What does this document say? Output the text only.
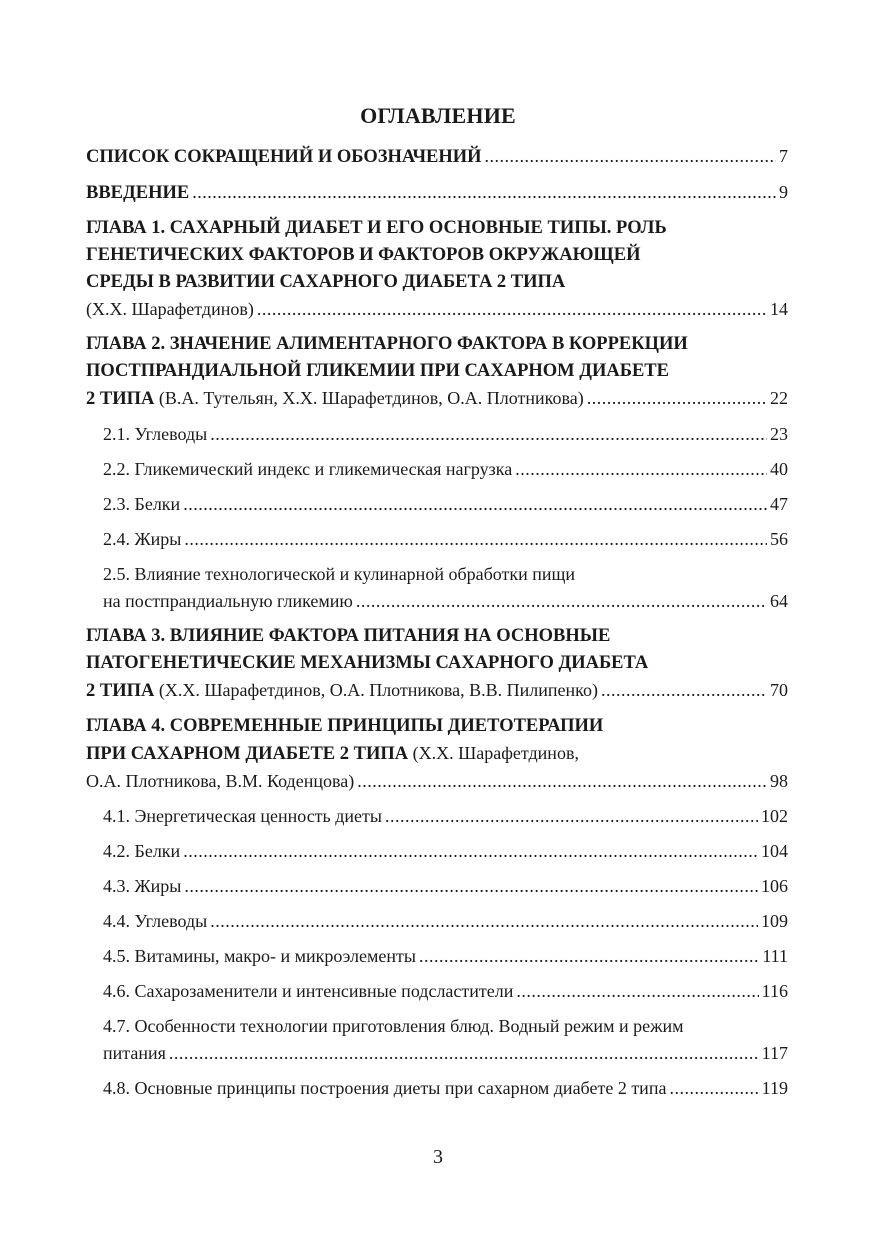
ОГЛАВЛЕНИЕ
СПИСОК СОКРАЩЕНИЙ И ОБОЗНАЧЕНИЙ .....	7
ВВЕДЕНИЕ .....	9
ГЛАВА 1. САХАРНЫЙ ДИАБЕТ И ЕГО ОСНОВНЫЕ ТИПЫ. РОЛЬ
ГЕНЕТИЧЕСКИХ ФАКТОРОВ И ФАКТОРОВ ОКРУЖАЮЩЕЙ
СРЕДЫ В РАЗВИТИИ САХАРНОГО ДИАБЕТА 2 ТИПА
(Х.Х. Шарафетдинов) .....	14
ГЛАВА 2. ЗНАЧЕНИЕ АЛИМЕНТАРНОГО ФАКТОРА В КОРРЕКЦИИ
ПОСТПРАНДИАЛЬНОЙ ГЛИКЕМИИ ПРИ САХАРНОМ ДИАБЕТЕ
2 ТИПА (В.А. Тутельян, Х.Х. Шарафетдинов, О.А. Плотникова) .....	22
2.1. Углеводы .....	23
2.2. Гликемический индекс и гликемическая нагрузка .....	40
2.3. Белки .....	47
2.4. Жиры .....	56
2.5. Влияние технологической и кулинарной обработки пищи
на постпрандиальную гликемию .....	64
ГЛАВА 3. ВЛИЯНИЕ ФАКТОРА ПИТАНИЯ НА ОСНОВНЫЕ
ПАТОГЕНЕТИЧЕСКИЕ МЕХАНИЗМЫ САХАРНОГО ДИАБЕТА
2 ТИПА (Х.Х. Шарафетдинов, О.А. Плотникова, В.В. Пилипенко) .....	70
ГЛАВА 4. СОВРЕМЕННЫЕ ПРИНЦИПЫ ДИЕТОТЕРАПИИ
ПРИ САХАРНОМ ДИАБЕТЕ 2 ТИПА (Х.Х. Шарафетдинов,
О.А. Плотникова, В.М. Коденцова) .....	98
4.1. Энергетическая ценность диеты .....	102
4.2. Белки .....	104
4.3. Жиры .....	106
4.4. Углеводы .....	109
4.5. Витамины, макро- и микроэлементы .....	111
4.6. Сахарозаменители и интенсивные подсластители .....	116
4.7. Особенности технологии приготовления блюд. Водный режим и режим
питания .....	117
4.8. Основные принципы построения диеты при сахарном диабете 2 типа .....	119
3
